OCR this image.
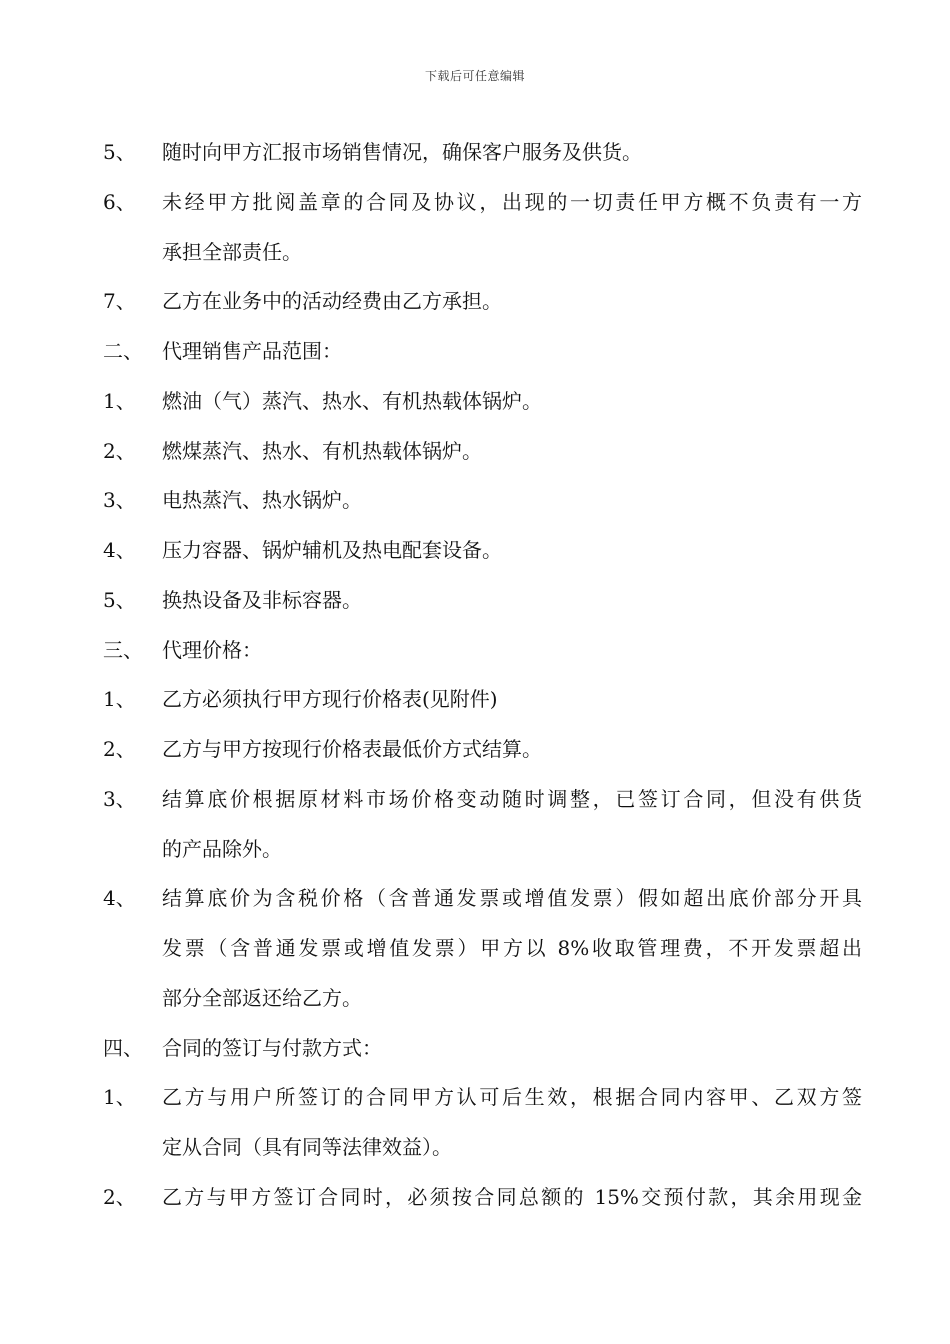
下载后可任意编辑
5、 随时向甲方汇报市场销售情况，确保客户服务及供货。
6、 未经甲方批阅盖章的合同及协议，出现的一切责任甲方概不负责有一方
承担全部责任。
7、 乙方在业务中的活动经费由乙方承担。
二、 代理销售产品范围：
1、 燃油（气）蒸汽、热水、有机热载体锅炉。
2、 燃煤蒸汽、热水、有机热载体锅炉。
3、 电热蒸汽、热水锅炉。
4、 压力容器、锅炉辅机及热电配套设备。
5、 换热设备及非标容器。
三、 代理价格：
1、 乙方必须执行甲方现行价格表(见附件)
2、 乙方与甲方按现行价格表最低价方式结算。
3、 结算底价根据原材料市场价格变动随时调整，已签订合同，但没有供货
的产品除外。
4、 结算底价为含税价格（含普通发票或增值发票）假如超出底价部分开具
发票（含普通发票或增值发票）甲方以 8%收取管理费，不开发票超出
部分全部返还给乙方。
四、 合同的签订与付款方式：
1、 乙方与用户所签订的合同甲方认可后生效，根据合同内容甲、乙双方签
定从合同（具有同等法律效益）。
2、 乙方与甲方签订合同时，必须按合同总额的 15%交预付款，其余用现金
